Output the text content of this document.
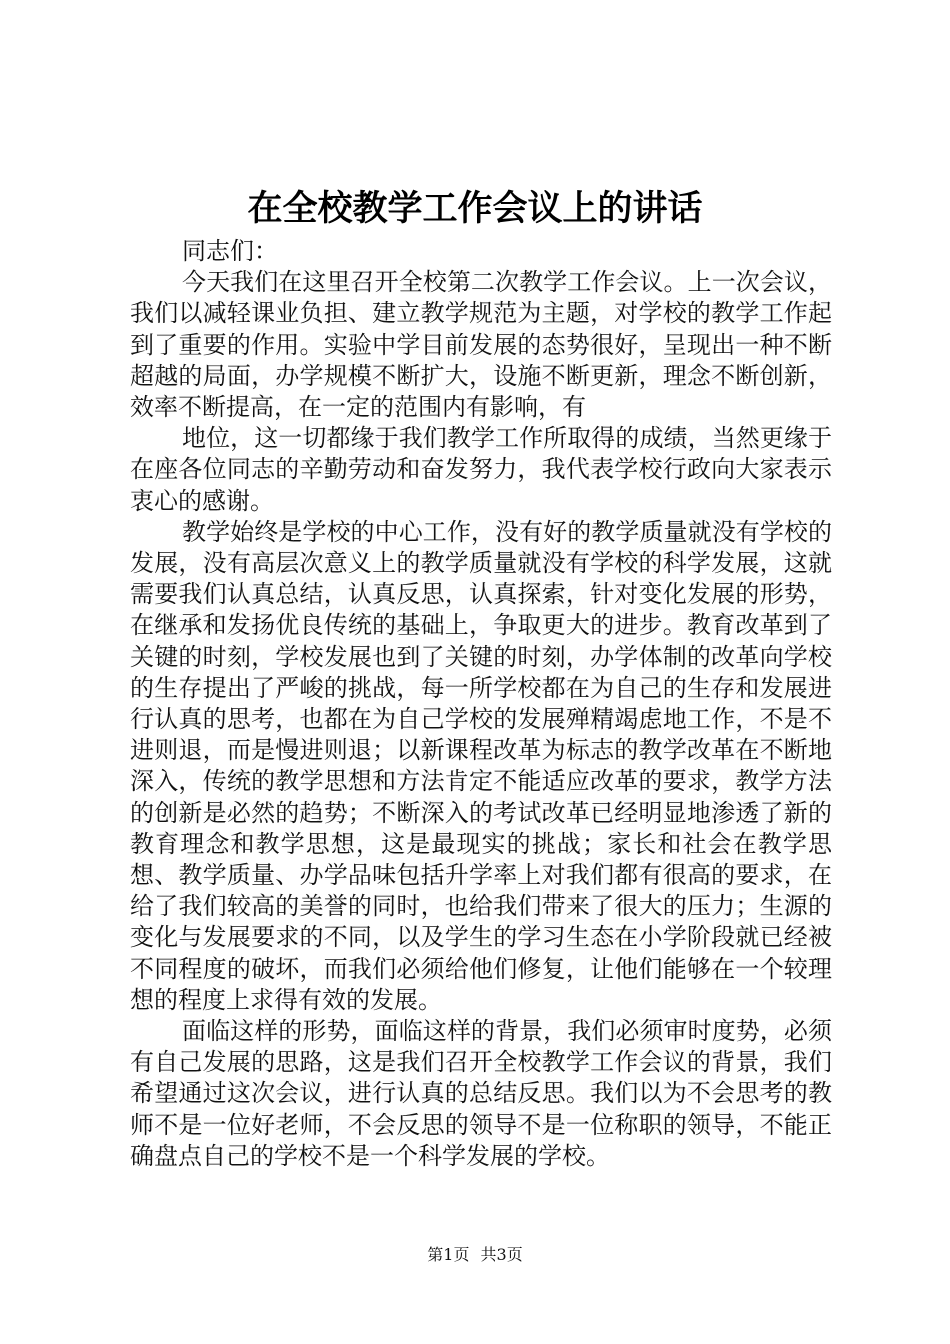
在全校教学工作会议上的讲话

同志们：

今天我们在这里召开全校第二次教学工作会议。上一次会议，我们以减轻课业负担、建立教学规范为主题，对学校的教学工作起到了重要的作用。实验中学目前发展的态势很好，呈现出一种不断超越的局面，办学规模不断扩大，设施不断更新，理念不断创新，效率不断提高，在一定的范围内有影响，有

地位，这一切都缘于我们教学工作所取得的成绩，当然更缘于在座各位同志的辛勤劳动和奋发努力，我代表学校行政向大家表示衷心的感谢。

教学始终是学校的中心工作，没有好的教学质量就没有学校的发展，没有高层次意义上的教学质量就没有学校的科学发展，这就需要我们认真总结，认真反思，认真探索，针对变化发展的形势，在继承和发扬优良传统的基础上，争取更大的进步。教育改革到了关键的时刻，学校发展也到了关键的时刻，办学体制的改革向学校的生存提出了严峻的挑战，每一所学校都在为自己的生存和发展进行认真的思考，也都在为自己学校的发展殚精竭虑地工作，不是不进则退，而是慢进则退；以新课程改革为标志的教学改革在不断地深入，传统的教学思想和方法肯定不能适应改革的要求，教学方法的创新是必然的趋势；不断深入的考试改革已经明显地渗透了新的教育理念和教学思想，这是最现实的挑战；家长和社会在教学思想、教学质量、办学品味包括升学率上对我们都有很高的要求，在给了我们较高的美誉的同时，也给我们带来了很大的压力；生源的变化与发展要求的不同，以及学生的学习生态在小学阶段就已经被不同程度的破坏，而我们必须给他们修复，让他们能够在一个较理想的程度上求得有效的发展。

面临这样的形势，面临这样的背景，我们必须审时度势，必须有自己发展的思路，这是我们召开全校教学工作会议的背景，我们希望通过这次会议，进行认真的总结反思。我们以为不会思考的教师不是一位好老师，不会反思的领导不是一位称职的领导，不能正确盘点自己的学校不是一个科学发展的学校。

第1页 共3页
